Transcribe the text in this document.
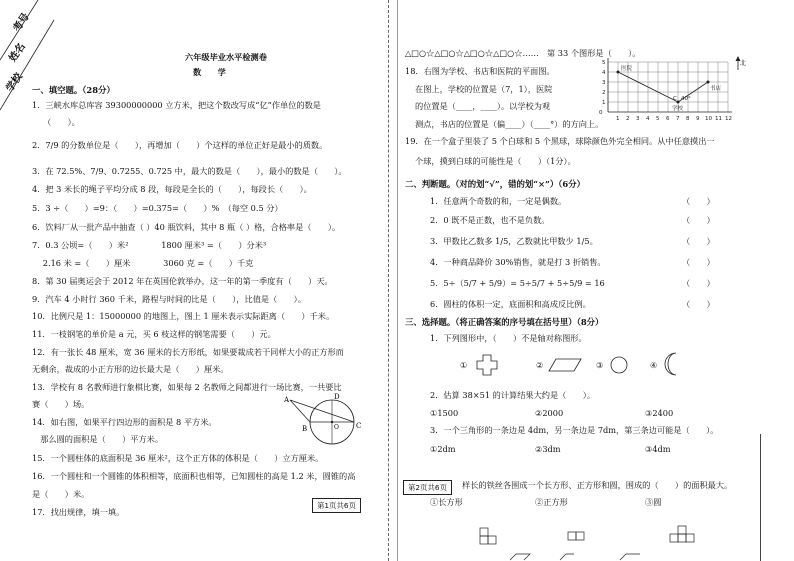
考号
姓名
学校
六年级毕业水平检测卷
数　　学
一、填空题。（28分）
1．三峡水库总库容 39300000000 立方米，把这个数改写成“亿”作单位的数是
（　　）。
2．7/9 的分数单位是（　　），再增加（　　）个这样的单位正好是最小的质数。
3．在 72.5%、7/9、0.7255、0.725 中，最大的数是（　　），最小的数是（　　）。
4．把 3 米长的绳子平均分成 8 段，每段是全长的（　　），每段长（　　）。
5．3 ÷（　　）=9：（　　）=0.375=（　　）%　（每空 0.5 分）
6．饮料厂从一批产品中抽查（ ）40 瓶饮料，其中 8 瓶（ ）格，合格率是（　　）。
7．0.3 公顷=（　　）米²　　　　1800 厘米³ =（　　）分米³
　 2.16 米 =（　　）厘米　　　　3060 克 =（　　）千克
8．第 30 届奥运会于 2012 年在英国伦敦举办，这一年的第一季度有（　　）天。
9．汽车 4 小时行 360 千米，路程与时间的比是（　　），比值是（　　）。
10．比例尺是 1：15000000 的地图上，图上 1 厘米表示实际距离（　　）千米。
11．一枝钢笔的单价是 a 元，买 6 枝这样的钢笔需要（　　）元。
12．有一张长 48 厘米，宽 36 厘米的长方形纸，如果要裁成若干同样大小的正方形而
无剩余，裁成的小正方形的边长最大是（　　）厘米。
13．学校有 8 名教师进行象棋比赛，如果每 2 名教师之间都进行一场比赛，一共要比
赛（　　）场。
14．如右图，如果平行四边形的面积是 8 平方米。
　那么圆的面积是（　　）平方米。
15．一个圆柱体的底面积是 36 厘米²，这个正方体的体积是（　　）立方厘米。
16．一个圆柱和一个圆锥的体积相等，底面积也相等，已知圆柱的高是 1.2 米，圆锥的高
是（　　）米。
17．找出规律，填一填。
第1页共6页
A
B	C
D
O
△□○☆△□○☆△□○☆△□○☆……　第 33 个图形是（　　）。
18．右图为学校、书店和医院的平面图。
在图上，学校的位置是（7，1），医院
的位置是（____，____）。以学校为观
测点，书店的位置是（偏____）（____°）的方向上。
0
1 2 3 4 5 6 7 8 9 10 11 12
1
2
3
4
5
医院
书店
学校
40°
C
北
19．在一个盒子里装了 5 个白球和 5 个黑球，球除颜色外完全相同。从中任意摸出一
个球，摸到白球的可能性是（　　）（1分）。
二、判断题。（对的划“√”，错的划“×”）（6分）
1．任意两个奇数的和，一定是偶数。	（　　）
2．0 既不是正数，也不是负数。	（　　）
3．甲数比乙数多 1/5，乙数就比甲数少 1/5。	（　　）
4．一种商品降价 30%销售，就是打 3 折销售。	（　　）
5．5÷（5/7 + 5/9）= 5÷5/7 + 5÷5/9 = 16	（　　）
6．圆柱的体积一定，底面积和高成反比例。	（　　）
三、选择题。（将正确答案的序号填在括号里）（8分）
1．下列图形中，（　　）不是轴对称图形。
①	②	③	④
2．估算 38×51 的计算结果大约是（　　）。
①1500	②2000	③2400
3．一个三角形的一条边是 4dm，另一条边是 7dm，第三条边可能是（　　）。
①2dm	②3dm	③4dm
第2页共6页	样长的铁丝各围成一个长方形、正方形和圆，围成的（　　）的面积最大。
①长方形	②正方形	③圆
